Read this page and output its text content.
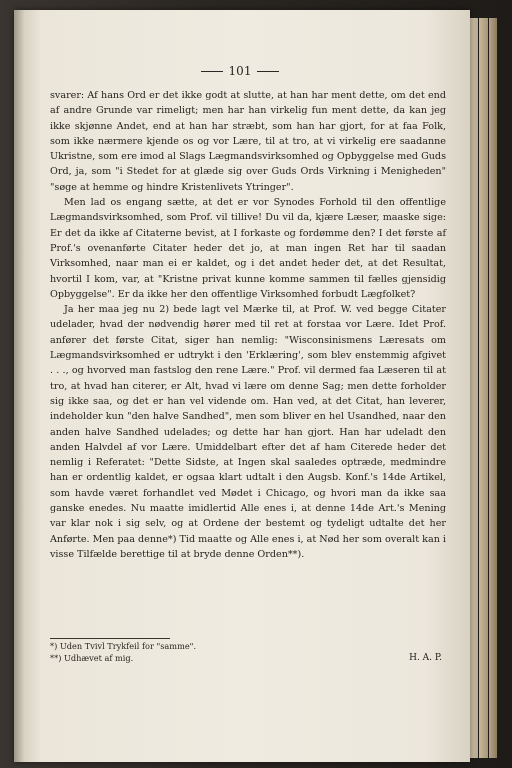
101

svarer: Af hans Ord er det ikke godt at slutte, at han har ment dette, om det end af andre Grunde var rimeligt; men har han virkelig fun ment dette, da kan jeg ikke skjønne Andet, end at han har stræbt, som han har gjort, for at faa Folk, som ikke nærmere kjende os og vor Lære, til at tro, at vi virkelig ere saadanne Ukristne, som ere imod al Slags Lægmandsvirksomhed og Opbyggelse med Guds Ord, ja, som "i Stedet for at glæde sig over Guds Ords Virkning i Menigheden" "søge at hemme og hindre Kristenlivets Ytringer".

Men lad os engang sætte, at det er vor Synodes Forhold til den offentlige Lægmandsvirksomhed, som Prof. vil tillive! Du vil da, kjære Læser, maaske sige: Er det da ikke af Citaterne bevist, at I forkaste og fordømme den? I det første af Prof.'s ovenanførte Citater heder det jo, at man ingen Ret har til saadan Virksomhed, naar man ei er kaldet, og i det andet heder det, at det Resultat, hvortil I kom, var, at "Kristne privat kunne komme sammen til fælles gjensidig Opbyggelse". Er da ikke her den offentlige Virksomhed forbudt Lægfolket?

Ja her maa jeg nu 2) bede lagt vel Mærke til, at Prof. W. ved begge Citater udelader, hvad der nødvendig hører med til ret at forstaa vor Lære. Idet Prof. anfører det første Citat, siger han nemlig: "Wisconsinismens Læresats om Lægmandsvirksomhed er udtrykt i den 'Erklæring', som blev enstemmig afgivet . . ., og hvorved man fastslog den rene Lære." Prof. vil dermed faa Læseren til at tro, at hvad han citerer, er Alt, hvad vi lære om denne Sag; men dette forholder sig ikke saa, og det er han vel vidende om. Han ved, at det Citat, han leverer, indeholder kun "den halve Sandhed", men som bliver en hel Usandhed, naar den anden halve Sandhed udelades; og dette har han gjort. Han har udeladt den anden Halvdel af vor Lære. Umiddelbart efter det af ham Citerede heder det nemlig i Referatet: "Dette Sidste, at Ingen skal saaledes optræde, medmindre han er ordentlig kaldet, er ogsaa klart udtalt i den Augsb. Konf.'s 14de Artikel, som havde været forhandlet ved Mødet i Chicago, og hvori man da ikke saa ganske enedes. Nu maatte imidlertid Alle enes i, at denne 14de Art.'s Mening var klar nok i sig selv, og at Ordene der bestemt og tydeligt udtalte det her Anførte. Men paa denne*) Tid maatte og Alle enes i, at Nød her som overalt kan i visse Tilfælde berettige til at bryde denne Orden**).

*) Uden Tvivl Trykfeil for "samme".
**) Udhævet af mig.	H. A. P.
